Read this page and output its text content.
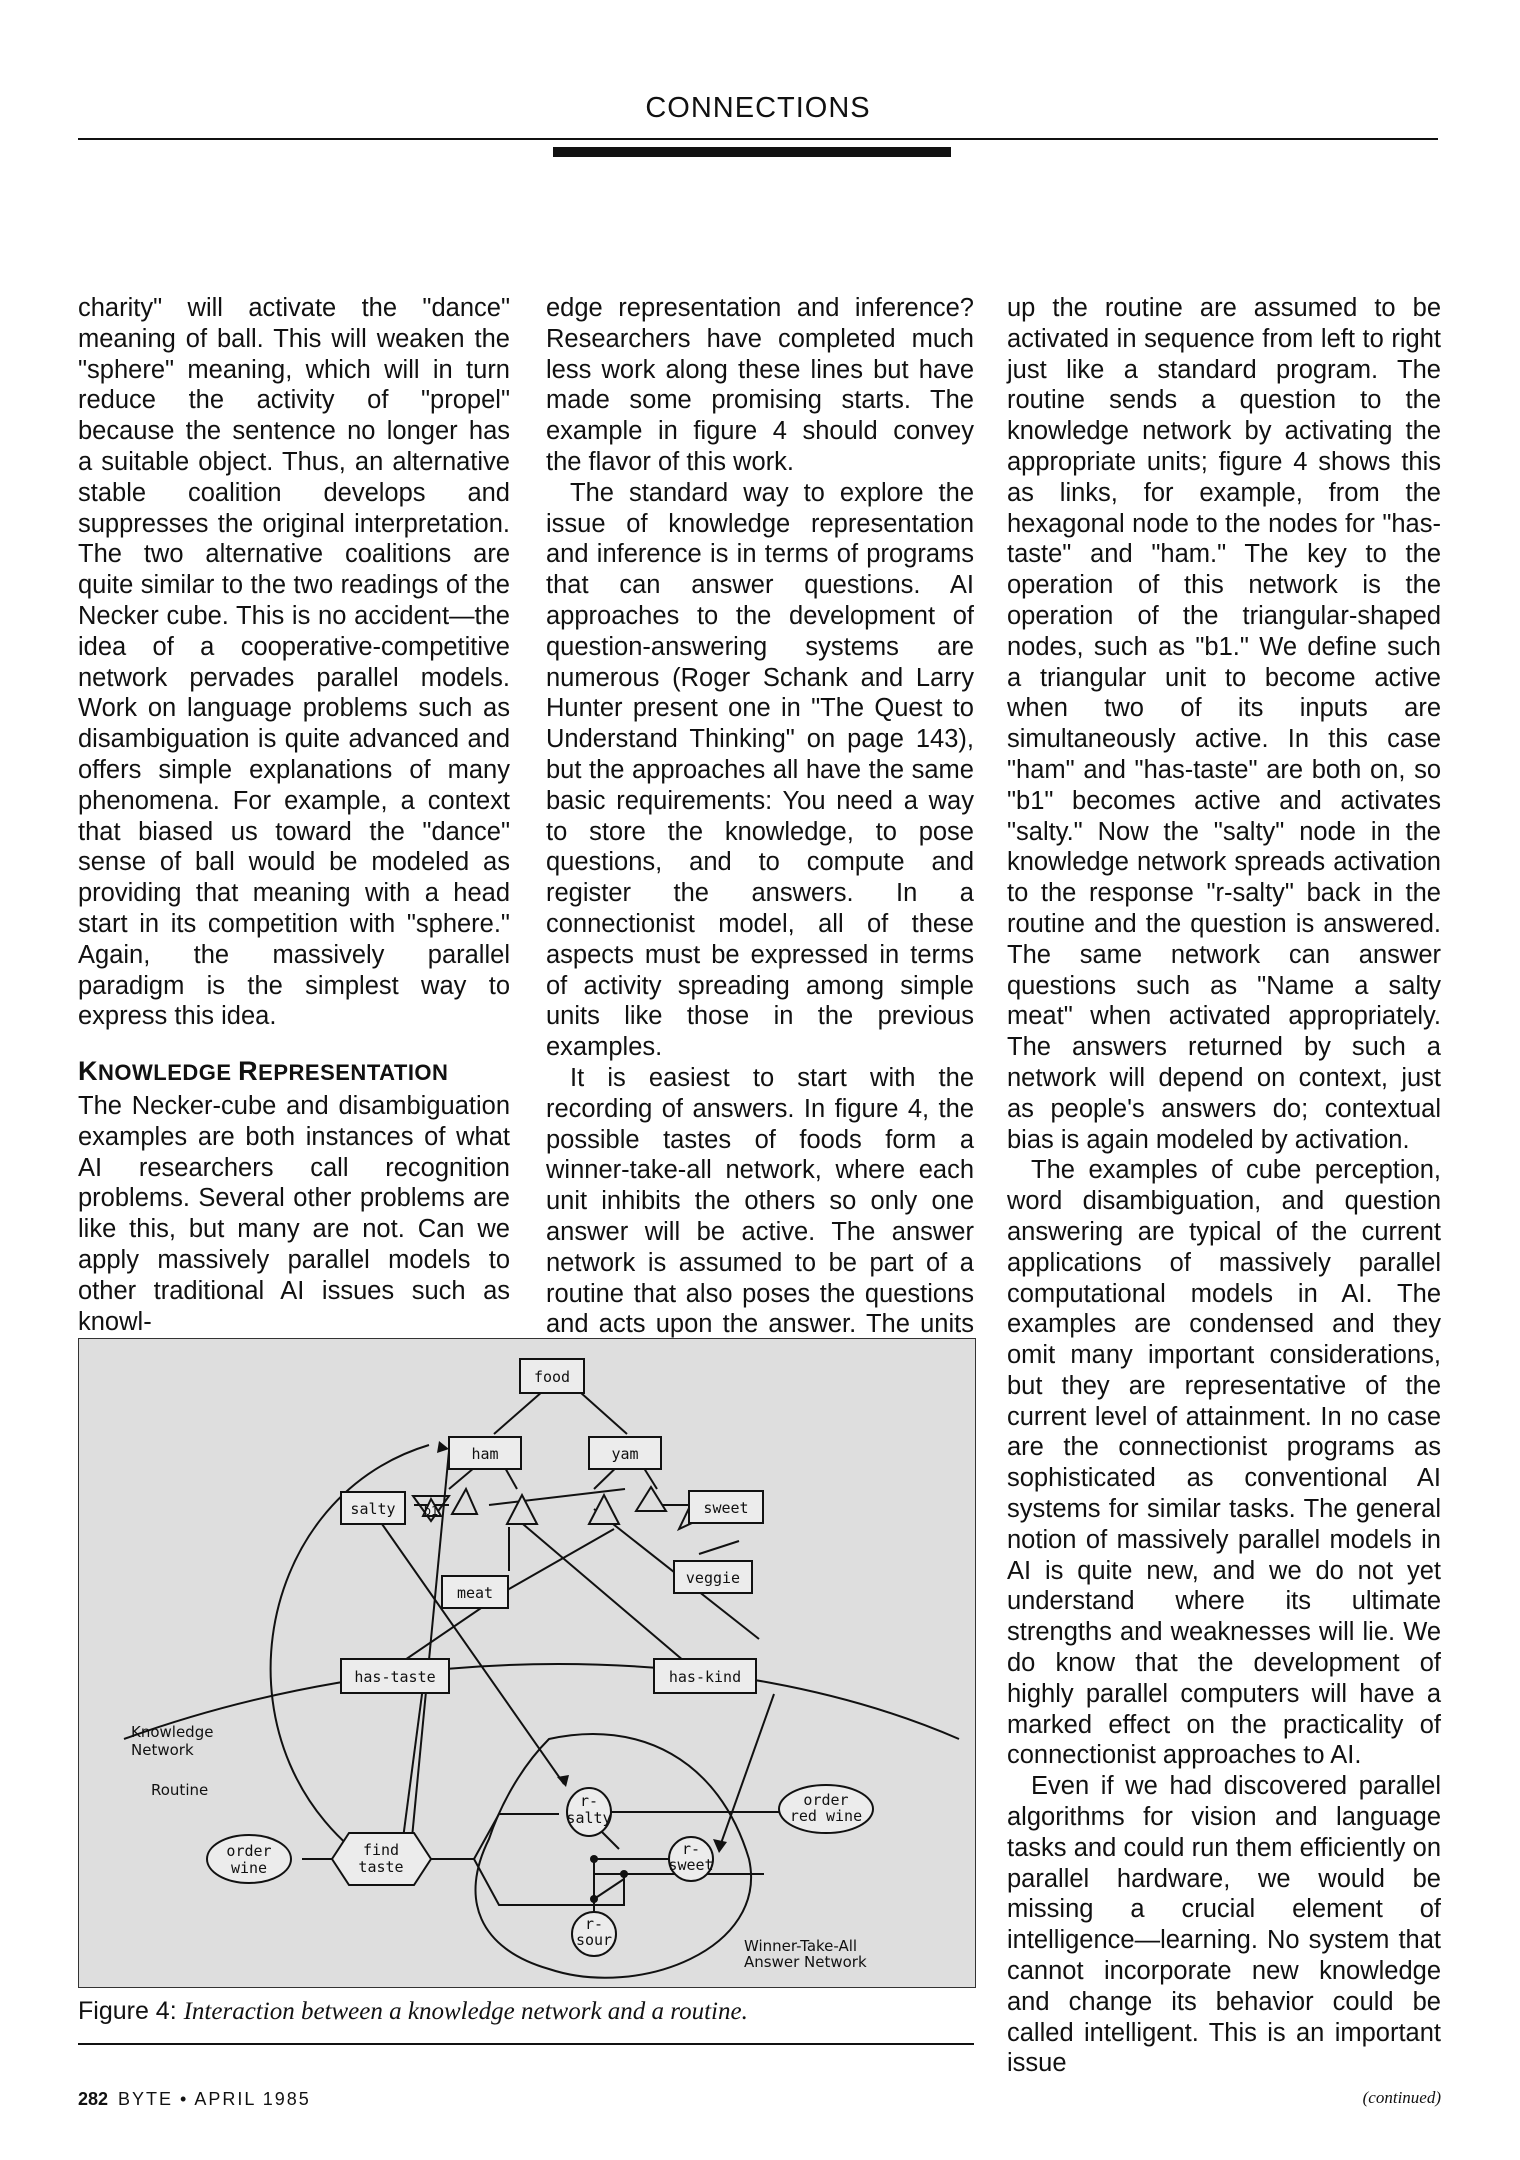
CONNECTIONS

charity" will activate the "dance" meaning of ball. This will weaken the "sphere" meaning, which will in turn reduce the activity of "propel" because the sentence no longer has a suitable object. Thus, an alternative stable coalition develops and suppresses the original interpretation. The two alternative coalitions are quite similar to the two readings of the Necker cube. This is no accident—the idea of a cooperative-competitive network pervades parallel models. Work on language problems such as disambiguation is quite advanced and offers simple explanations of many phenomena. For example, a context that biased us toward the "dance" sense of ball would be modeled as providing that meaning with a head start in its competition with "sphere." Again, the massively parallel paradigm is the simplest way to express this idea.

KNOWLEDGE REPRESENTATION

The Necker-cube and disambiguation examples are both instances of what AI researchers call recognition problems. Several other problems are like this, but many are not. Can we apply massively parallel models to other traditional AI issues such as knowl-

edge representation and inference? Researchers have completed much less work along these lines but have made some promising starts. The example in figure 4 should convey the flavor of this work.

The standard way to explore the issue of knowledge representation and inference is in terms of programs that can answer questions. AI approaches to the development of question-answering systems are numerous (Roger Schank and Larry Hunter present one in "The Quest to Understand Thinking" on page 143), but the approaches all have the same basic requirements: You need a way to store the knowledge, to pose questions, and to compute and register the answers. In a connectionist model, all of these aspects must be expressed in terms of activity spreading among simple units like those in the previous examples.

It is easiest to start with the recording of answers. In figure 4, the possible tastes of foods form a winner-take-all network, where each unit inhibits the others so only one answer will be active. The answer network is assumed to be part of a routine that also poses the questions and acts upon the answer. The units

up the routine are assumed to be activated in sequence from left to right just like a standard program. The routine sends a question to the knowledge network by activating the appropriate units; figure 4 shows this as links, for example, from the hexagonal node to the nodes for "has-taste" and "ham." The key to the operation of this network is the operation of the triangular-shaped nodes, such as "b1." We define such a triangular unit to become active when two of its inputs are simultaneously active. In this case "ham" and "has-taste" are both on, so "b1" becomes active and activates "salty." Now the "salty" node in the knowledge network spreads activation to the response "r-salty" back in the routine and the question is answered. The same network can answer questions such as "Name a salty meat" when activated appropriately. The answers returned by such a network will depend on context, just as people's answers do; contextual bias is again modeled by activation.

The examples of cube perception, word disambiguation, and question answering are typical of the current applications of massively parallel computational models in AI. The examples are condensed and they omit many important considerations, but they are representative of the current level of attainment. In no case are the connectionist programs as sophisticated as conventional AI systems for similar tasks. The general notion of massively parallel models in AI is quite new, and we do not yet understand where its ultimate strengths and weaknesses will lie. We do know that the development of highly parallel computers will have a marked effect on the practicality of connectionist approaches to AI.

Even if we had discovered parallel algorithms for vision and language tasks and could run them efficiently on parallel hardware, we would be missing a crucial element of intelligence—learning. No system that cannot incorporate new knowledge and change its behavior could be called intelligent. This is an important issue

(continued)
food
ham	yam
salty b1	sweet
meat
veggie
has-taste	has-kind
order
wine
find
taste
r-
salty
r-
sweet
r-
sour
order
red wine
Knowledge
Network
Routine
Winner-Take-All
Answer Network
Figure 4: Interaction between a knowledge network and a routine.
282 BYTE • APRIL 1985
